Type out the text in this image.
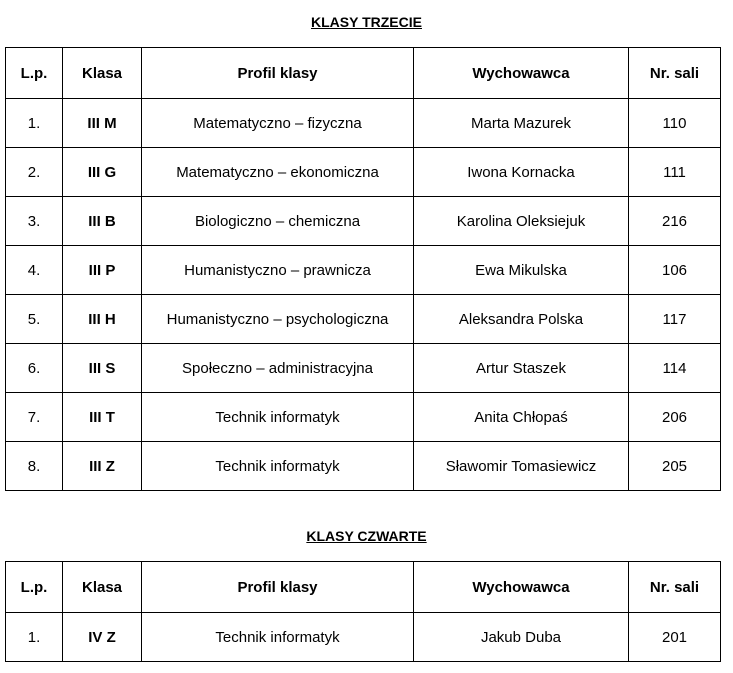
KLASY TRZECIE
L.p.	Klasa	Profil klasy	Wychowawca	Nr. sali
1.	III M	Matematyczno – fizyczna	Marta Mazurek	110
2.	III G	Matematyczno – ekonomiczna	Iwona Kornacka	111
3.	III B	Biologiczno – chemiczna	Karolina Oleksiejuk	216
4.	III P	Humanistyczno – prawnicza	Ewa Mikulska	106
5.	III H	Humanistyczno – psychologiczna	Aleksandra Polska	117
6.	III S	Społeczno – administracyjna	Artur Staszek	114
7.	III T	Technik informatyk	Anita Chłopaś	206
8.	III Z	Technik informatyk	Sławomir Tomasiewicz	205
KLASY CZWARTE
L.p.	Klasa	Profil klasy	Wychowawca	Nr. sali
1.	IV Z	Technik informatyk	Jakub Duba	201
